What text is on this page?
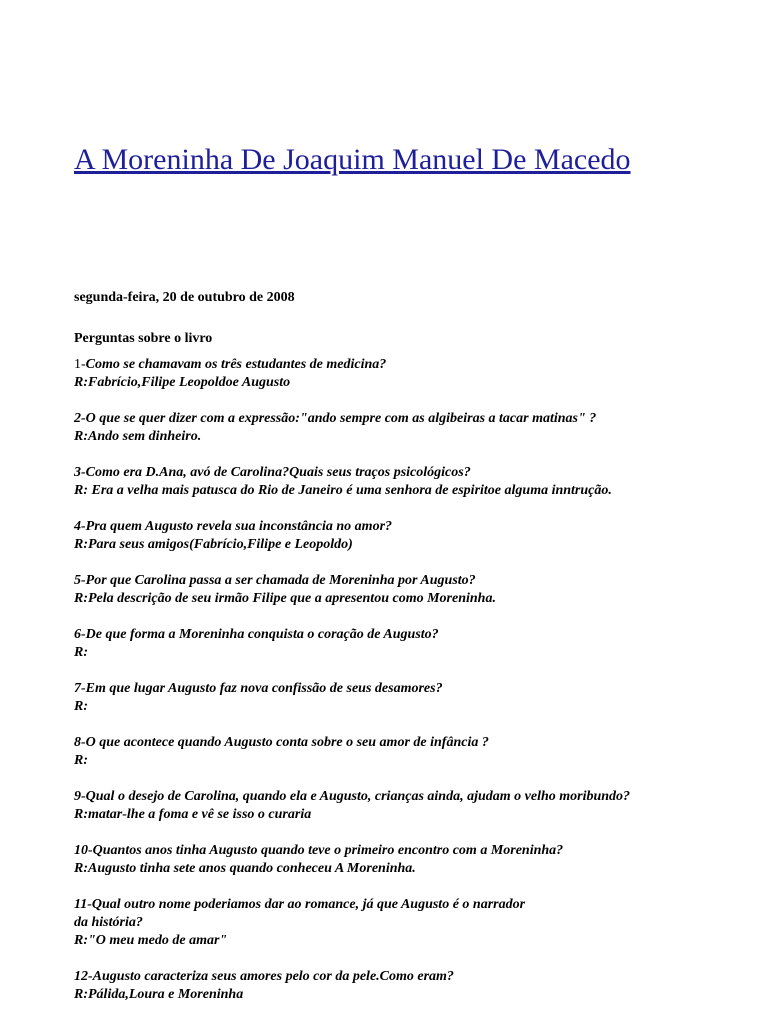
A Moreninha De Joaquim Manuel De Macedo
segunda-feira, 20 de outubro de 2008
Perguntas sobre o livro
1-Como se chamavam os três estudantes de medicina?
R:Fabrício,Filipe Leopoldoe Augusto
2-O que se quer dizer com a expressão:"ando sempre com as algibeiras a tacar matinas" ?
R:Ando sem dinheiro.
3-Como era D.Ana, avó de Carolina?Quais seus traços psicológicos?
R: Era a velha mais patusca do Rio de Janeiro é uma senhora de espiritoe alguma inntrução.
4-Pra quem Augusto revela sua inconstância no amor?
R:Para seus amigos(Fabrício,Filipe e Leopoldo)
5-Por que Carolina passa a ser chamada de Moreninha por Augusto?
R:Pela descrição de seu irmão Filipe que a apresentou como Moreninha.
6-De que forma a Moreninha conquista o coração de Augusto?
R:
7-Em que lugar Augusto faz nova confissão de seus desamores?
R:
8-O que acontece quando Augusto conta sobre o seu amor de infância ?
R:
9-Qual o desejo de Carolina, quando ela e Augusto, crianças ainda, ajudam o velho moribundo?
R:matar-lhe a foma e vê se isso o curaria
10-Quantos anos tinha Augusto quando teve o primeiro encontro com a Moreninha?
R:Augusto tinha sete anos quando conheceu A Moreninha.
11-Qual outro nome poderiamos dar ao romance, já que Augusto é o narrador
da história?
R:"O meu medo de amar"
12-Augusto caracteriza seus amores pelo cor da pele.Como eram?
R:Pálida,Loura e Moreninha
